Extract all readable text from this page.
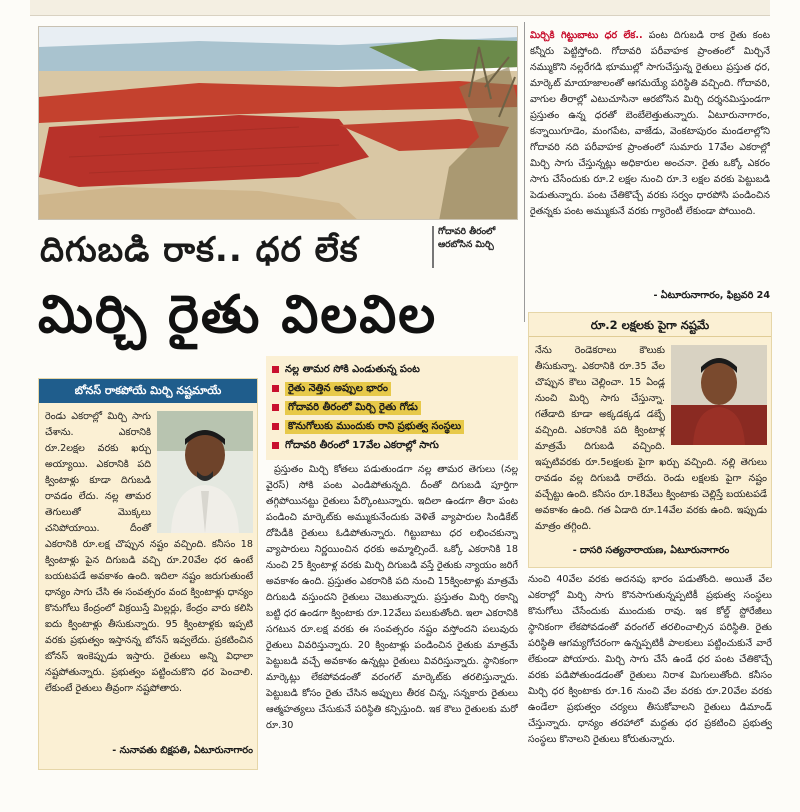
గోదావరి తీరంలో
ఆరబోసిన మిర్చి
దిగుబడి రాక.. ధర లేక
మిర్చి రైతు విలవిల
మిర్చికి గిట్టుబాటు ధర లేక.. పంట దిగుబడి రాక రైతు కంట కన్నీరు పెట్టిస్తోంది. గోదావరి పరీవాహక ప్రాంతంలో మిర్చినే నమ్ముకొని నల్లరేగడి భూముల్లో సాగుచేస్తున్న రైతులు ప్రస్తుత ధర, మార్కెట్ మాయాజాలంతో ఆగమయ్యే పరిస్థితి వచ్చింది. గోదావరి, వాగుల తీరాల్లో ఎటుచూసినా ఆరబోసిన మిర్చి దర్శనమిస్తుండగా ప్రస్తుతం ఉన్న ధరతో బెంబేలెత్తుతున్నారు. ఏటూరునాగారం, కన్నాయిగూడెం, మంగపేట, వాజేడు, వెంకటాపురం మండలాల్లోని గోదావరి నది పరీవాహక ప్రాంతంలో సుమారు 17వేల ఎకరాల్లో మిర్చి సాగు చేస్తున్నట్లు అధికారుల అంచనా. రైతు ఒక్కో ఎకరం సాగు చేసేందుకు రూ.2 లక్షల నుంచి రూ.3 లక్షల వరకు పెట్టుబడి పెడుతున్నారు. పంట చేతికొచ్చే వరకు సర్వం ధారపోసి పండించిన రైతన్నకు పంట అమ్ముకునే వరకు గ్యారెంటీ లేకుండా పోయింది.
- ఏటూరునాగారం, ఫిబ్రవరి 24
రూ.2 లక్షలకు పైగా నష్టమే
నేను రెండెకరాలు కౌలుకు తీసుకున్నా. ఎకరానికి రూ.35 వేల చొప్పున కౌలు చెల్లించా. 15 ఏండ్ల నుంచి మిర్చి సాగు చేస్తున్నా. గతేడాది కూడా అక్కడక్కడ డబ్బే వచ్చింది. ఎకరానికి పది క్వింటాళ్ల మాత్రమే దిగుబడి వచ్చింది. ఇప్పటివరకు రూ.5లక్షలకు పైగా ఖర్చు వచ్చింది. నల్లి తెగులు రావడం వల్ల దిగుబడి రాలేదు. రెండు లక్షలకు పైగా నష్టం వచ్చేట్టు ఉంది. కనీసం రూ.18వేలు క్వింటాకు చెల్లిస్తే బయటపడే అవకాశం ఉంది. గత ఏడాది రూ.14వేల వరకు ఉంది. ఇప్పుడు మాత్రం తగ్గింది.
- దాసరి సత్యనారాయణ, ఏటూరునాగారం
బోనస్ రాకపోయే మిర్చి నష్టమాయే
రెండు ఎకరాల్లో మిర్చి సాగు చేశాను. ఎకరానికి రూ.2లక్షల వరకు ఖర్చు అయ్యాయి. ఎకరానికి పది క్వింటాళ్లు కూడా దిగుబడి రావడం లేదు. నల్ల తామర తెగులుతో మొక్కలు చనిపోయాయి. దీంతో ఎకరానికి రూ.లక్ష చొప్పున నష్టం వచ్చింది. కనీసం 18 క్వింటాళ్లు పైన దిగుబడి వచ్చి రూ.20వేల ధర ఉంటే బయటపడే అవకాశం ఉంది. ఇదిలా నష్టం జరుగుతుంటే ధాన్యం సాగు చేసి ఈ సంవత్సరం వంద క్వింటాళ్లు ధాన్యం కొనుగోలు కేంద్రంలో విక్రయిస్తే మిల్లర్లు, కేంద్రం వారు కలిసి ఐదు క్వింటాళ్లు తీసుకున్నారు. 95 క్వింటాళ్లకు ఇప్పటి వరకు ప్రభుత్వం ఇస్తానన్న బోనస్ ఇవ్వలేదు. ప్రకటించిన బోనస్ ఇంకెప్పుడు ఇస్తారు. రైతులు అన్ని విధాలా నష్టపోతున్నారు. ప్రభుత్వం పట్టించుకొని ధర పెంచాలి. లేకుంటే రైతులు తీవ్రంగా నష్టపోతారు.
- నునావతు బిక్షపతి, ఏటూరునాగారం
నల్ల తామర సోకి ఎండుతున్న పంట
రైతు నెత్తిన అప్పుల భారం
గోదావరి తీరంలో మిర్చి రైతు గోడు
కొనుగోలుకు ముందుకు రాని ప్రభుత్వ సంస్థలు
గోదావరి తీరంలో 17వేల ఎకరాల్లో సాగు

ప్రస్తుతం మిర్చి కోతలు పడుతుండగా నల్ల తామర తెగులు (నల్ల వైరస్) సోకి పంట ఎండిపోతున్నది. దీంతో దిగుబడి పూర్తిగా తగ్గిపోయినట్టు రైతులు పేర్కొంటున్నారు. ఇదిలా ఉండగా తీరా పంట పండించి మార్కెట్‌కు అమ్ముకునేందుకు వెళితే వ్యాపారుల సిండికేట్ దోపిడీకి రైతులు ఓడిపోతున్నారు. గిట్టుబాటు ధర లభించకున్నా వ్యాపారులు నిర్ణయించిన ధరకు అమ్మాల్సిందే. ఒక్కో ఎకరానికి 18 నుంచి 25 క్వింటాళ్ల వరకు మిర్చి దిగుబడి వస్తే రైతుకు న్యాయం జరిగే అవకాశం ఉంది. ప్రస్తుతం ఎకరానికి పది నుంచి 15క్వింటాళ్లు మాత్రమే దిగుబడి వస్తుందని రైతులు చెబుతున్నారు. ప్రస్తుతం మిర్చి రకాన్ని బట్టి ధర ఉండగా క్వింటాకు రూ.12వేలు పలుకుతోంది. ఇలా ఎకరానికి సగటున రూ.లక్ష వరకు ఈ సంవత్సరం నష్టం వస్తోందని పలువురు రైతులు వివరిస్తున్నారు. 20 క్వింటాళ్లు పండించిన రైతుకు మాత్రమే పెట్టుబడి వచ్చే అవకాశం ఉన్నట్లు రైతులు వివరిస్తున్నారు. స్థానికంగా మార్కెట్లు లేకపోవడంతో వరంగల్ మార్కెట్‌కు తరలిస్తున్నారు. పెట్టుబడి కోసం రైతు చేసిన అప్పులు తీరక చిన్న, సన్నకారు రైతులు ఆత్మహత్యలు చేసుకునే పరిస్థితి కన్పిస్తుంది. ఇక కౌలు రైతులకు మరో రూ.30

నుంచి 40వేల వరకు అదనపు భారం పడుతోంది. అయితే వేల ఎకరాల్లో మిర్చి సాగు కొనసాగుతున్నప్పటికీ ప్రభుత్వ సంస్థలు కొనుగోలు చేసేందుకు ముందుకు రావు. ఇక కోల్డ్ స్టోరేజీలు స్థానికంగా లేకపోవడంతో వరంగల్ తరలించాల్సిన పరిస్థితి. రైతు పరిస్థితి ఆగమ్యగోచరంగా ఉన్నప్పటికీ పాలకులు పట్టించుకునే వారే లేకుండా పోయారు. మిర్చి సాగు చేసే ఉండే ధర పంట చేతికొచ్చే వరకు పడిపోతుండడంతో రైతులు నిరాశ మిగులుతోంది. కనీసం మిర్చి ధర క్వింటాకు రూ.16 నుంచి వేల వరకు రూ.20వేల వరకు ఉండేలా ప్రభుత్వం చర్యలు తీసుకోవాలని రైతులు డిమాండ్ చేస్తున్నారు. ధాన్యం తరహాలో మద్దతు ధర ప్రకటించి ప్రభుత్వ సంస్థలు కొనాలని రైతులు కోరుతున్నారు.
